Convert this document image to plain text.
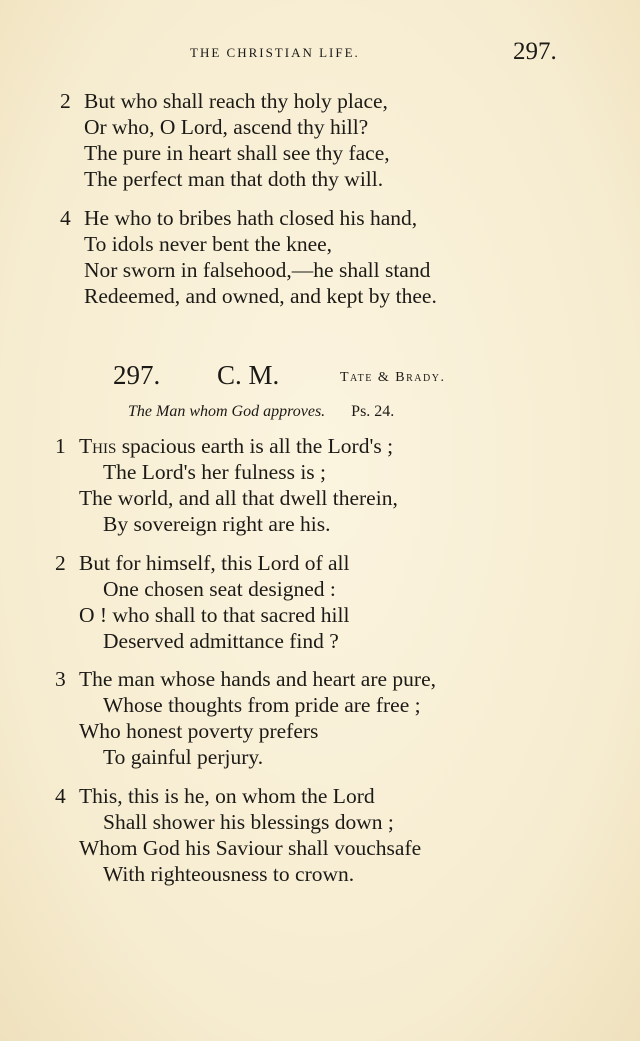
THE CHRISTIAN LIFE.	297.
2 But who shall reach thy holy place,
Or who, O Lord, ascend thy hill?
The pure in heart shall see thy face,
The perfect man that doth thy will.
4 He who to bribes hath closed his hand,
To idols never bent the knee,
Nor sworn in falsehood,—he shall stand
Redeemed, and owned, and kept by thee.
297. C. M.	Tate & Brady.
The Man whom God approves. Ps. 24.
1 This spacious earth is all the Lord's ;
The Lord's her fulness is ;
The world, and all that dwell therein,
By sovereign right are his.
2 But for himself, this Lord of all
One chosen seat designed :
O ! who shall to that sacred hill
Deserved admittance find ?
3 The man whose hands and heart are pure,
Whose thoughts from pride are free ;
Who honest poverty prefers
To gainful perjury.
4 This, this is he, on whom the Lord
Shall shower his blessings down ;
Whom God his Saviour shall vouchsafe
With righteousness to crown.
